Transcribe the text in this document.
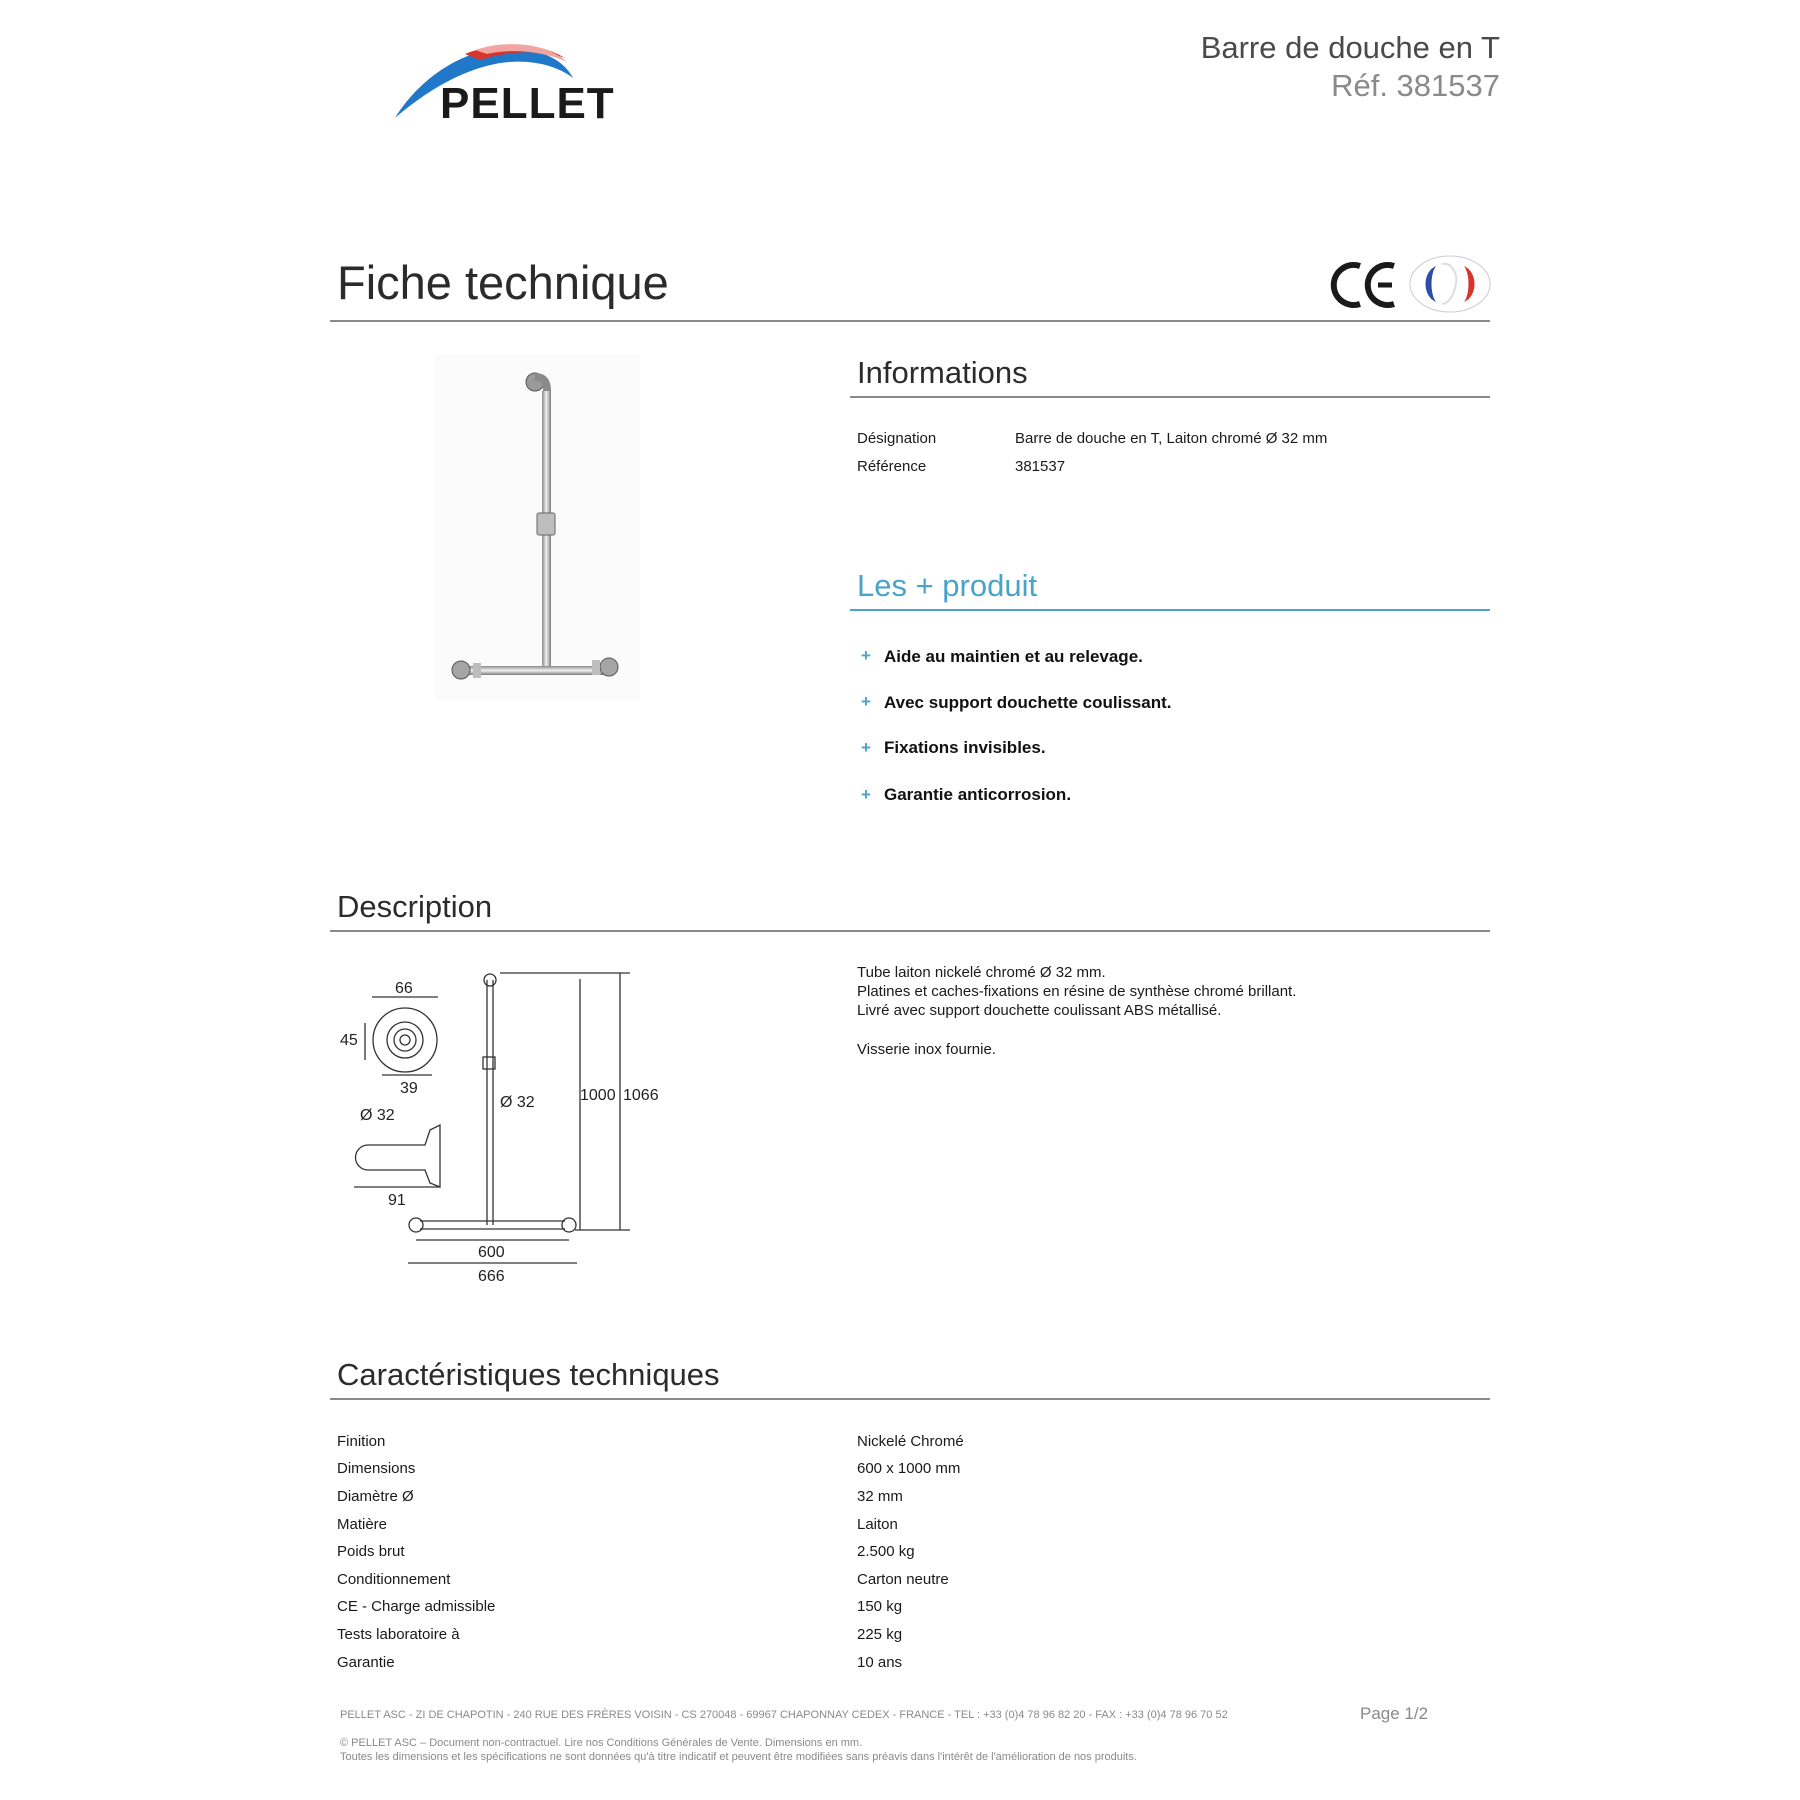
PELLET
Barre de douche en T
Réf. 381537
Fiche technique
Informations
Désignation	Barre de douche en T, Laiton chromé Ø 32 mm
Référence	381537
Les + produit
+ Aide au maintien et au relevage.
+ Avec support douchette coulissant.
+ Fixations invisibles.
+ Garantie anticorrosion.
Description
66
45
39
Ø 32
91
Ø 32	1000 1066
600
666
Tube laiton nickelé chromé Ø 32 mm.
Platines et caches-fixations en résine de synthèse chromé brillant.
Livré avec support douchette coulissant ABS métallisé.
Visserie inox fournie.
Caractéristiques techniques
Finition	Nickelé Chromé
Dimensions	600 x 1000 mm
Diamètre Ø	32 mm
Matière	Laiton
Poids brut	2.500 kg
Conditionnement	Carton neutre
CE - Charge admissible	150 kg
Tests laboratoire à	225 kg
Garantie	10 ans
PELLET ASC - ZI DE CHAPOTIN - 240 RUE DES FRÈRES VOISIN - CS 270048 - 69967 CHAPONNAY CEDEX - FRANCE - TEL : +33 (0)4 78 96 82 20 - FAX : +33 (0)4 78 96 70 52	Page 1/2
© PELLET ASC – Document non-contractuel. Lire nos Conditions Générales de Vente. Dimensions en mm.
Toutes les dimensions et les spécifications ne sont données qu'à titre indicatif et peuvent être modifiées sans préavis dans l'intérêt de l'amélioration de nos produits.
